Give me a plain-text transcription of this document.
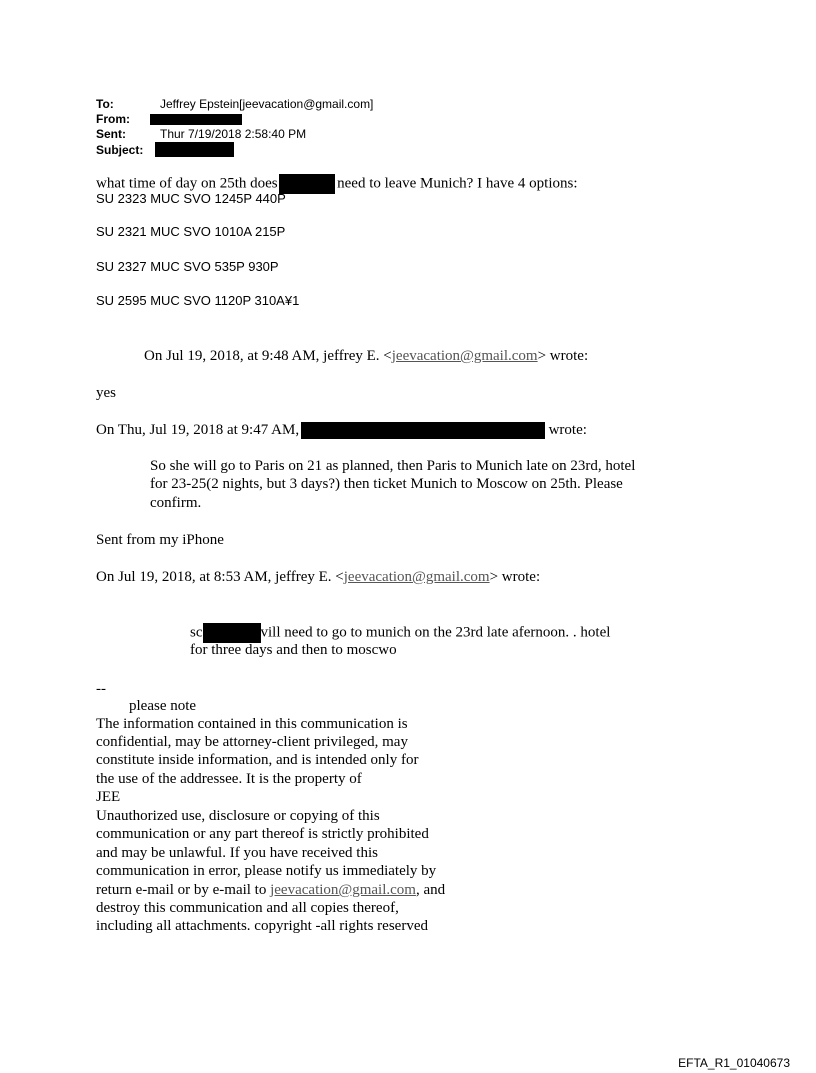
To:	Jeffrey Epstein[jeevacation@gmail.com]
From:
Sent:	Thur 7/19/2018 2:58:40 PM
Subject:
what time of day on 25th does	need to leave Munich? I have 4 options:
SU 2323 MUC SVO 1245P 440P
SU 2321 MUC SVO 1010A 215P
SU 2327 MUC SVO 535P 930P
SU 2595 MUC SVO 1120P 310A¥1
On Jul 19, 2018, at 9:48 AM, jeffrey E. <jeevacation@gmail.com> wrote:
yes
On Thu, Jul 19, 2018 at 9:47 AM,	wrote:
So she will go to Paris on 21 as planned, then Paris to Munich late on 23rd, hotel
for 23-25(2 nights, but 3 days?) then ticket Munich to Moscow on 25th. Please
confirm.
Sent from my iPhone
On Jul 19, 2018, at 8:53 AM, jeffrey E. <jeevacation@gmail.com> wrote:
sc	vill need to go to munich on the 23rd late afernoon. . hotel
for three days and then to moscwo
--
please note
The information contained in this communication is
confidential, may be attorney-client privileged, may
constitute inside information, and is intended only for
the use of the addressee. It is the property of
JEE
Unauthorized use, disclosure or copying of this
communication or any part thereof is strictly prohibited
and may be unlawful. If you have received this
communication in error, please notify us immediately by
return e-mail or by e-mail to jeevacation@gmail.com, and
destroy this communication and all copies thereof,
including all attachments. copyright -all rights reserved
EFTA_R1_01040673
